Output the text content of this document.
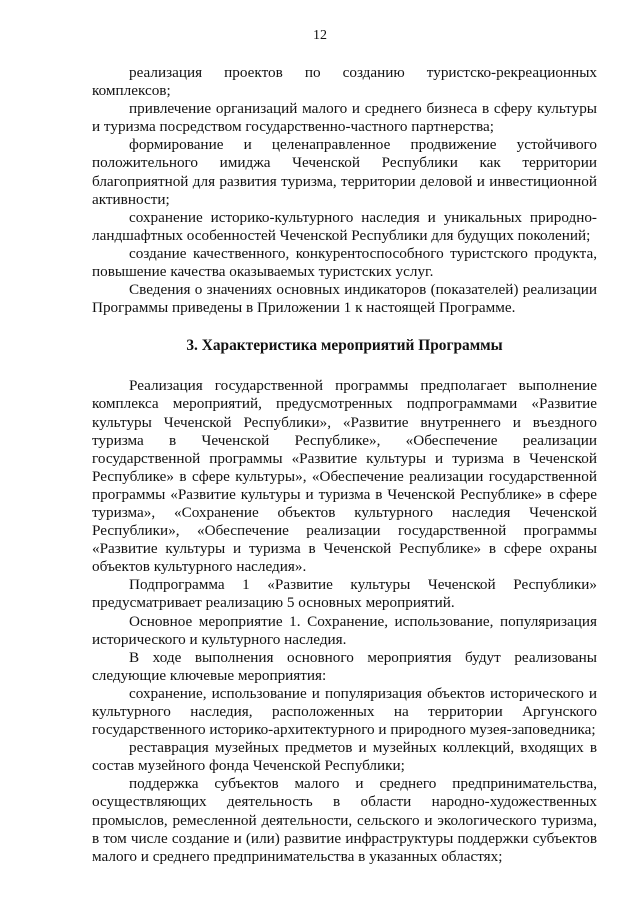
12

реализация проектов по созданию туристско-рекреационных комплексов;

привлечение организаций малого и среднего бизнеса в сферу культуры и туризма посредством государственно-частного партнерства;

формирование и целенаправленное продвижение устойчивого положительного имиджа Чеченской Республики как территории благоприятной для развития туризма, территории деловой и инвестиционной активности;

сохранение историко-культурного наследия и уникальных природно-ландшафтных особенностей Чеченской Республики для будущих поколений;

создание качественного, конкурентоспособного туристского продукта, повышение качества оказываемых туристских услуг.

Сведения о значениях основных индикаторов (показателей) реализации Программы приведены в Приложении 1 к настоящей Программе.

3. Характеристика мероприятий Программы

Реализация государственной программы предполагает выполнение комплекса мероприятий, предусмотренных подпрограммами «Развитие культуры Чеченской Республики», «Развитие внутреннего и въездного туризма в Чеченской Республике», «Обеспечение реализации государственной программы «Развитие культуры и туризма в Чеченской Республике» в сфере культуры», «Обеспечение реализации государственной программы «Развитие культуры и туризма в Чеченской Республике» в сфере туризма», «Сохранение объектов культурного наследия Чеченской Республики», «Обеспечение реализации государственной программы «Развитие культуры и туризма в Чеченской Республике» в сфере охраны объектов культурного наследия».

Подпрограмма 1 «Развитие культуры Чеченской Республики» предусматривает реализацию 5 основных мероприятий.

Основное мероприятие 1. Сохранение, использование, популяризация исторического и культурного наследия.

В ходе выполнения основного мероприятия будут реализованы следующие ключевые мероприятия:

сохранение, использование и популяризация объектов исторического и культурного наследия, расположенных на территории Аргунского государственного историко-архитектурного и природного музея-заповедника;

реставрация музейных предметов и музейных коллекций, входящих в состав музейного фонда Чеченской Республики;

поддержка субъектов малого и среднего предпринимательства, осуществляющих деятельность в области народно-художественных промыслов, ремесленной деятельности, сельского и экологического туризма, в том числе создание и (или) развитие инфраструктуры поддержки субъектов малого и среднего предпринимательства в указанных областях;
